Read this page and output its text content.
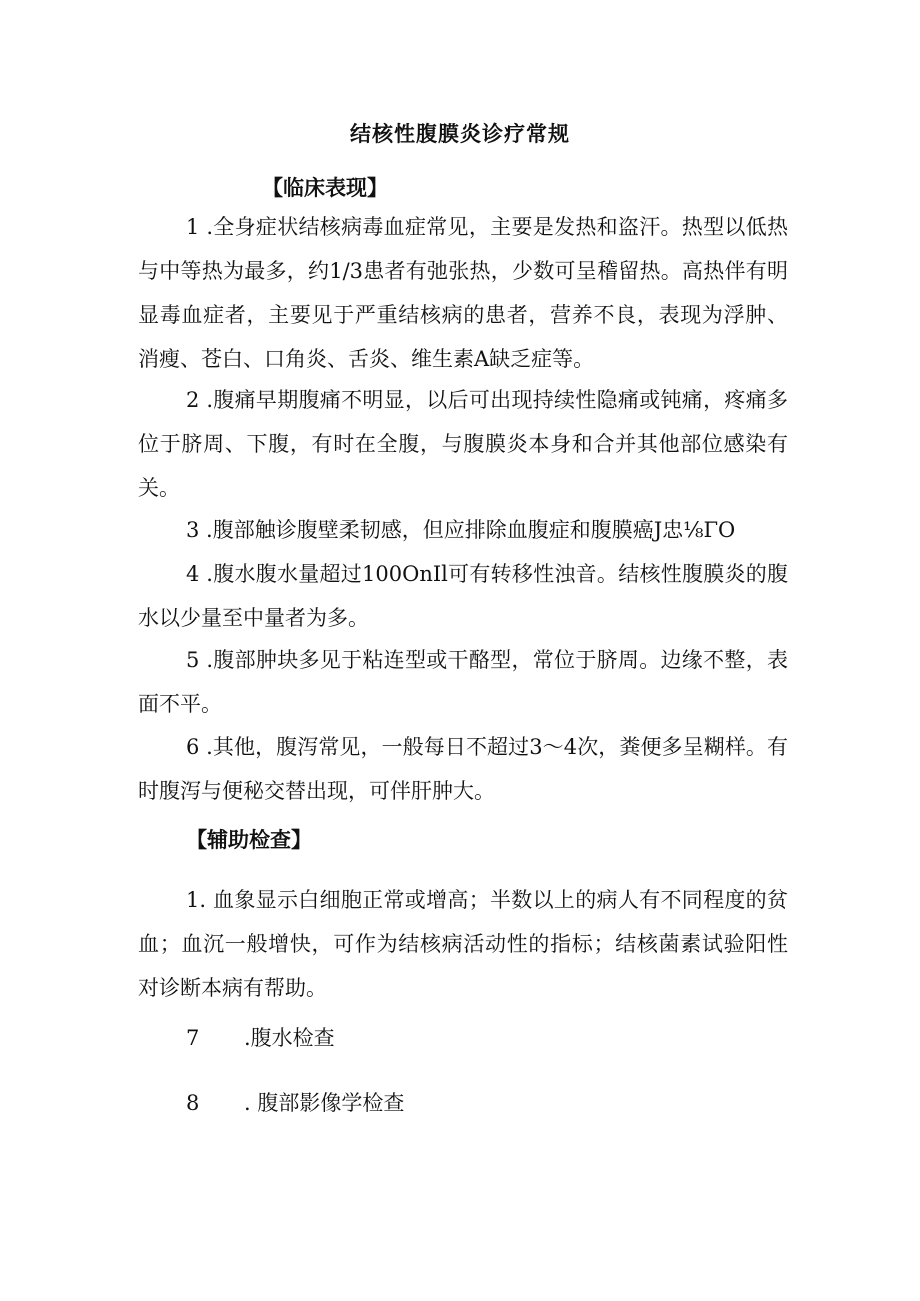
结核性腹膜炎诊疗常规
【临床表现】

1 .全身症状结核病毒血症常见，主要是发热和盗汗。热型以低热与中等热为最多，约1/3患者有弛张热，少数可呈稽留热。高热伴有明显毒血症者，主要见于严重结核病的患者，营养不良，表现为浮肿、消瘦、苍白、口角炎、舌炎、维生素A缺乏症等。

2 .腹痛早期腹痛不明显，以后可出现持续性隐痛或钝痛，疼痛多位于脐周、下腹，有时在全腹，与腹膜炎本身和合并其他部位感染有关。

3 .腹部触诊腹壁柔韧感，但应排除血腹症和腹膜癌J忠⅛ΓO

4 .腹水腹水量超过100OnIl可有转移性浊音。结核性腹膜炎的腹水以少量至中量者为多。

5 .腹部肿块多见于粘连型或干酪型，常位于脐周。边缘不整，表面不平。

6 .其他，腹泻常见，一般每日不超过3～4次，粪便多呈糊样。有时腹泻与便秘交替出现，可伴肝肿大。

【辅助检查】

1. 血象显示白细胞正常或增高；半数以上的病人有不同程度的贫血；血沉一般增快，可作为结核病活动性的指标；结核菌素试验阳性对诊断本病有帮助。

7 .腹水检查
8 . 腹部影像学检查
